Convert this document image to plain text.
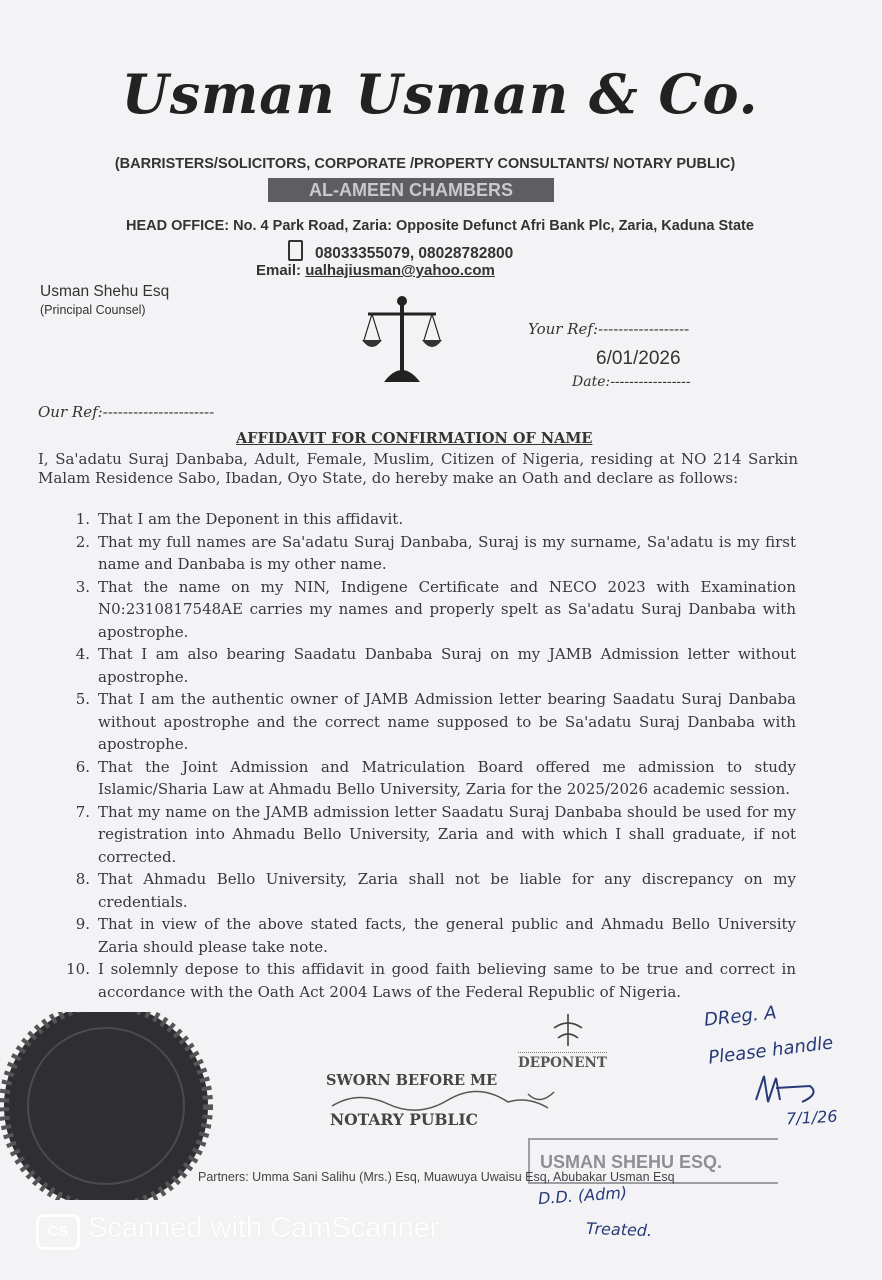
Usman Usman & Co.
(BARRISTERS/SOLICITORS, CORPORATE /PROPERTY CONSULTANTS/ NOTARY PUBLIC)
AL-AMEEN CHAMBERS
HEAD OFFICE: No. 4 Park Road, Zaria: Opposite Defunct Afri Bank Plc, Zaria, Kaduna State
08033355079, 08028782800
Email: ualhajiusman@yahoo.com
Usman Shehu Esq
(Principal Counsel)
Your Ref:------------------
6/01/2026
Date:-----------------
Our Ref:----------------------
AFFIDAVIT FOR CONFIRMATION OF NAME
I, Sa'adatu Suraj Danbaba, Adult, Female, Muslim, Citizen of Nigeria, residing at NO 214 Sarkin Malam Residence Sabo, Ibadan, Oyo State, do hereby make an Oath and declare as follows:
1. That I am the Deponent in this affidavit.
2. That my full names are Sa'adatu Suraj Danbaba, Suraj is my surname, Sa'adatu is my first name and Danbaba is my other name.
3. That the name on my NIN, Indigene Certificate and NECO 2023 with Examination N0:2310817548AE carries my names and properly spelt as Sa'adatu Suraj Danbaba with apostrophe.
4. That I am also bearing Saadatu Danbaba Suraj on my JAMB Admission letter without apostrophe.
5. That I am the authentic owner of JAMB Admission letter bearing Saadatu Suraj Danbaba without apostrophe and the correct name supposed to be Sa'adatu Suraj Danbaba with apostrophe.
6. That the Joint Admission and Matriculation Board offered me admission to study Islamic/Sharia Law at Ahmadu Bello University, Zaria for the 2025/2026 academic session.
7. That my name on the JAMB admission letter Saadatu Suraj Danbaba should be used for my registration into Ahmadu Bello University, Zaria and with which I shall graduate, if not corrected.
8. That Ahmadu Bello University, Zaria shall not be liable for any discrepancy on my credentials.
9. That in view of the above stated facts, the general public and Ahmadu Bello University Zaria should please take note.
10. I solemnly depose to this affidavit in good faith believing same to be true and correct in accordance with the Oath Act 2004 Laws of the Federal Republic of Nigeria.
DEPONENT
SWORN BEFORE ME
NOTARY PUBLIC
USMAN SHEHU ESQ.
Partners: Umma Sani Salihu (Mrs.) Esq, Muawuya Uwaisu Esq, Abubakar Usman Esq
DReg. A
Please handle
7/1/26
D.D. (Adm)
Treated.
CS Scanned with CamScanner
